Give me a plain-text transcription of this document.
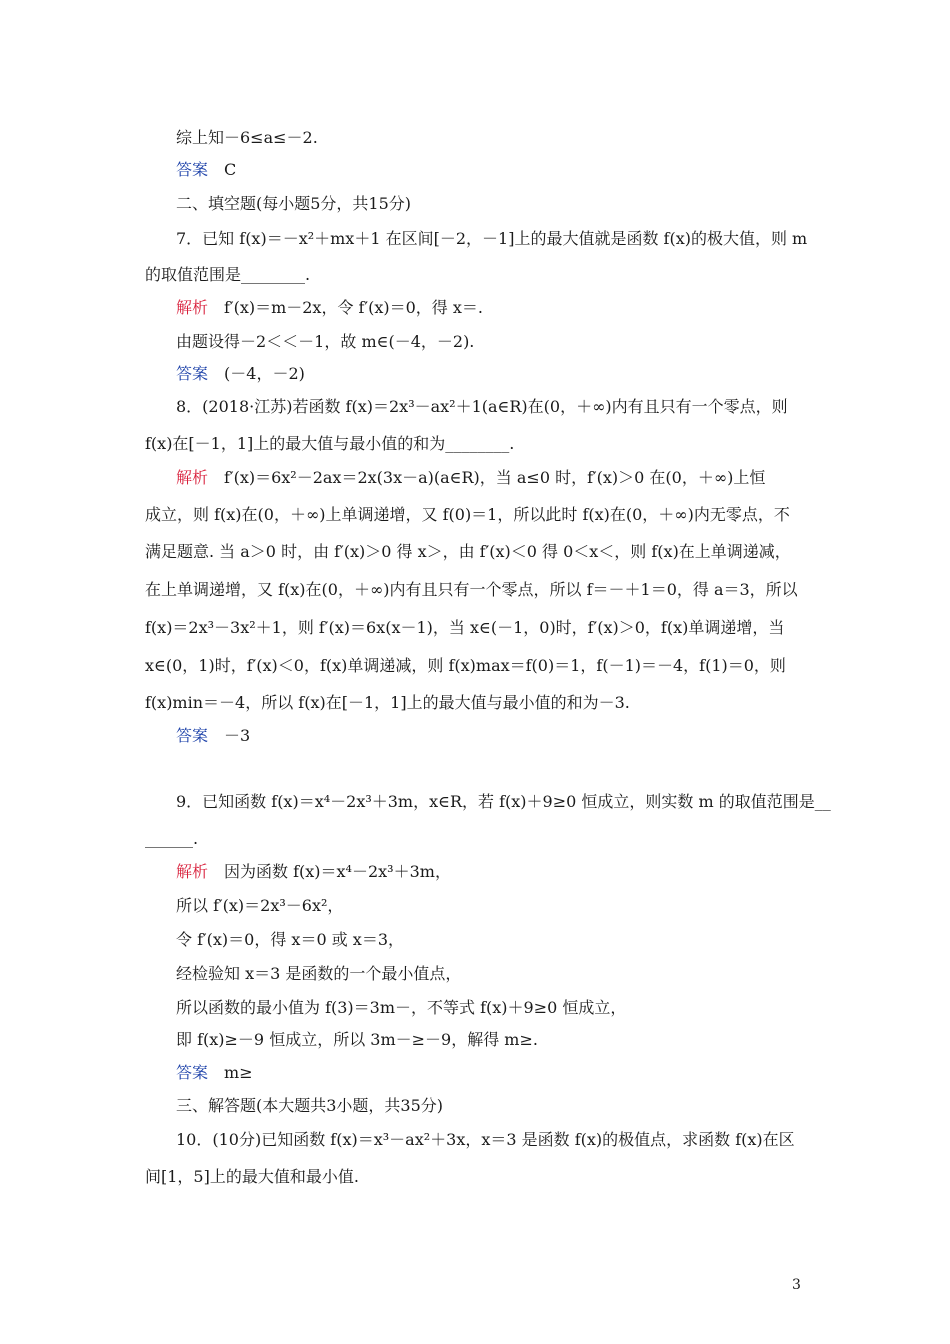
综上知－6≤a≤－2.
答案　C
二、填空题(每小题5分，共15分)
7．已知 f(x)＝－x²＋mx＋1 在区间[－2，－1]上的最大值就是函数 f(x)的极大值，则 m
的取值范围是________.
解析　f′(x)＝m－2x，令 f′(x)＝0，得 x＝.
由题设得－2＜＜－1，故 m∈(－4，－2).
答案　(－4，－2)
8．(2018·江苏)若函数 f(x)＝2x³－ax²＋1(a∈R)在(0，＋∞)内有且只有一个零点，则
f(x)在[－1，1]上的最大值与最小值的和为________.
解析　f′(x)＝6x²－2ax＝2x(3x－a)(a∈R)，当 a≤0 时，f′(x)＞0 在(0，＋∞)上恒
成立，则 f(x)在(0，＋∞)上单调递增，又 f(0)＝1，所以此时 f(x)在(0，＋∞)内无零点，不
满足题意. 当 a＞0 时，由 f′(x)＞0 得 x＞，由 f′(x)＜0 得 0＜x＜，则 f(x)在上单调递减，
在上单调递增，又 f(x)在(0，＋∞)内有且只有一个零点，所以 f＝－＋1＝0，得 a＝3，所以
f(x)＝2x³－3x²＋1，则 f′(x)＝6x(x－1)，当 x∈(－1，0)时，f′(x)＞0，f(x)单调递增，当
x∈(0，1)时，f′(x)＜0，f(x)单调递减，则 f(x)max＝f(0)＝1，f(－1)＝－4，f(1)＝0，则
f(x)min＝－4，所以 f(x)在[－1，1]上的最大值与最小值的和为－3.
答案　－3
9．已知函数 f(x)＝x⁴－2x³＋3m，x∈R，若 f(x)＋9≥0 恒成立，则实数 m 的取值范围是__
______.
解析　因为函数 f(x)＝x⁴－2x³＋3m，
所以 f′(x)＝2x³－6x²，
令 f′(x)＝0，得 x＝0 或 x＝3，
经检验知 x＝3 是函数的一个最小值点，
所以函数的最小值为 f(3)＝3m－，不等式 f(x)＋9≥0 恒成立，
即 f(x)≥－9 恒成立，所以 3m－≥－9，解得 m≥.
答案　m≥
三、解答题(本大题共3小题，共35分)
10．(10分)已知函数 f(x)＝x³－ax²＋3x，x＝3 是函数 f(x)的极值点，求函数 f(x)在区
间[1，5]上的最大值和最小值.
3
